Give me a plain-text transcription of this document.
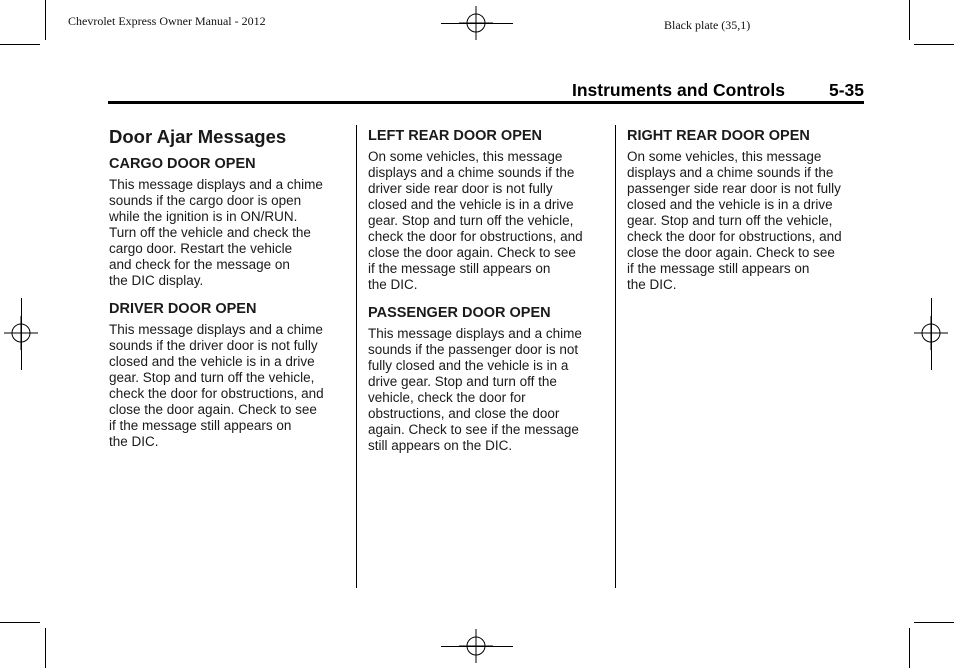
Chevrolet Express Owner Manual - 2012	Black plate (35,1)
Instruments and Controls	5-35
Door Ajar Messages
CARGO DOOR OPEN

This message displays and a chime
sounds if the cargo door is open
while the ignition is in ON/RUN.
Turn off the vehicle and check the
cargo door. Restart the vehicle
and check for the message on
the DIC display.

DRIVER DOOR OPEN

This message displays and a chime
sounds if the driver door is not fully
closed and the vehicle is in a drive
gear. Stop and turn off the vehicle,
check the door for obstructions, and
close the door again. Check to see
if the message still appears on
the DIC.

LEFT REAR DOOR OPEN

On some vehicles, this message
displays and a chime sounds if the
driver side rear door is not fully
closed and the vehicle is in a drive
gear. Stop and turn off the vehicle,
check the door for obstructions, and
close the door again. Check to see
if the message still appears on
the DIC.

PASSENGER DOOR OPEN

This message displays and a chime
sounds if the passenger door is not
fully closed and the vehicle is in a
drive gear. Stop and turn off the
vehicle, check the door for
obstructions, and close the door
again. Check to see if the message
still appears on the DIC.

RIGHT REAR DOOR OPEN

On some vehicles, this message
displays and a chime sounds if the
passenger side rear door is not fully
closed and the vehicle is in a drive
gear. Stop and turn off the vehicle,
check the door for obstructions, and
close the door again. Check to see
if the message still appears on
the DIC.
